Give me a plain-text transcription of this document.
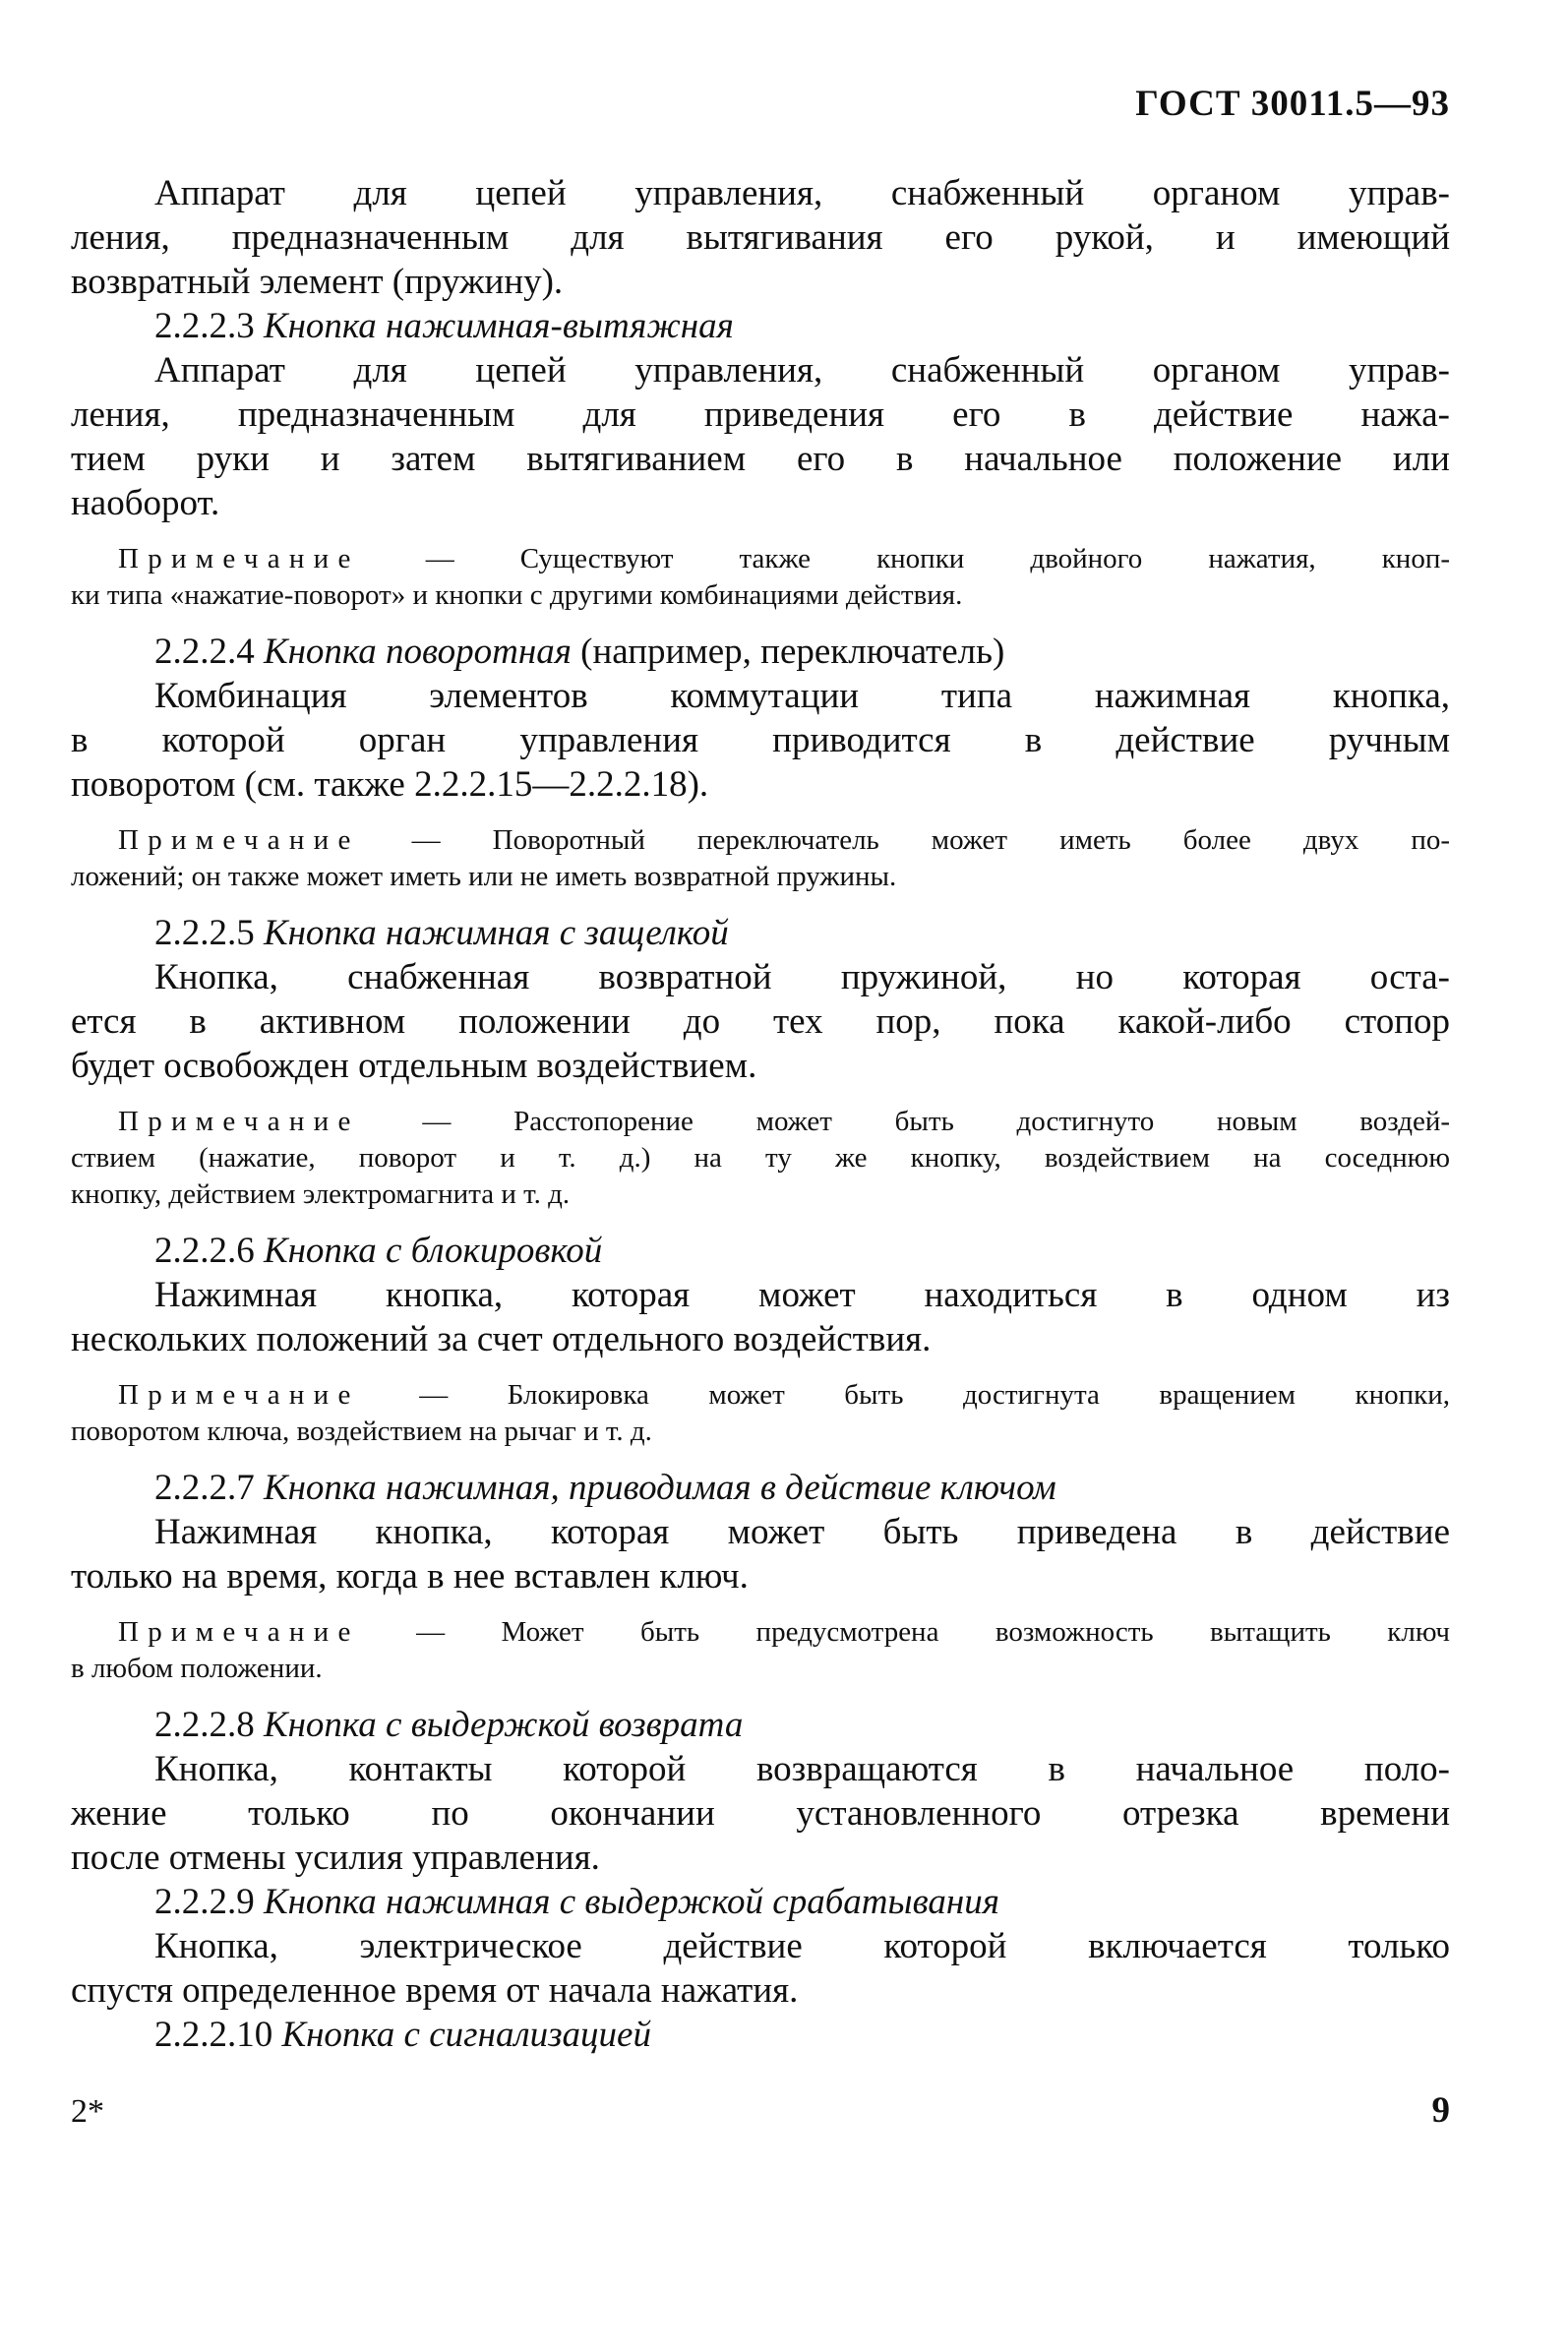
ГОСТ 30011.5—93
Аппарат для цепей управления, снабженный органом управ-
ления, предназначенным для вытягивания его рукой, и имеющий
возвратный элемент (пружину).
2.2.2.3 Кнопка нажимная-вытяжная
Аппарат для цепей управления, снабженный органом управ-
ления, предназначенным для приведения его в действие нажа-
тием руки и затем вытягиванием его в начальное положение или
наоборот.
Примечание — Существуют также кнопки двойного нажатия, кноп-
ки типа «нажатие-поворот» и кнопки с другими комбинациями действия.
2.2.2.4 Кнопка поворотная (например, переключатель)
Комбинация элементов коммутации типа нажимная кнопка,
в которой орган управления приводится в действие ручным
поворотом (см. также 2.2.2.15—2.2.2.18).
Примечание — Поворотный переключатель может иметь более двух по-
ложений; он также может иметь или не иметь возвратной пружины.
2.2.2.5 Кнопка нажимная с защелкой
Кнопка, снабженная возвратной пружиной, но которая оста-
ется в активном положении до тех пор, пока какой-либо стопор
будет освобожден отдельным воздействием.
Примечание — Расстопорение может быть достигнуто новым воздей-
ствием (нажатие, поворот и т. д.) на ту же кнопку, воздействием на соседнюю
кнопку, действием электромагнита и т. д.
2.2.2.6 Кнопка с блокировкой
Нажимная кнопка, которая может находиться в одном из
нескольких положений за счет отдельного воздействия.
Примечание — Блокировка может быть достигнута вращением кнопки,
поворотом ключа, воздействием на рычаг и т. д.
2.2.2.7 Кнопка нажимная, приводимая в действие ключом
Нажимная кнопка, которая может быть приведена в действие
только на время, когда в нее вставлен ключ.
Примечание — Может быть предусмотрена возможность вытащить ключ
в любом положении.
2.2.2.8 Кнопка с выдержкой возврата
Кнопка, контакты которой возвращаются в начальное поло-
жение только по окончании установленного отрезка времени
после отмены усилия управления.
2.2.2.9 Кнопка нажимная с выдержкой срабатывания
Кнопка, электрическое действие которой включается только
спустя определенное время от начала нажатия.
2.2.2.10 Кнопка с сигнализацией
2*	9
